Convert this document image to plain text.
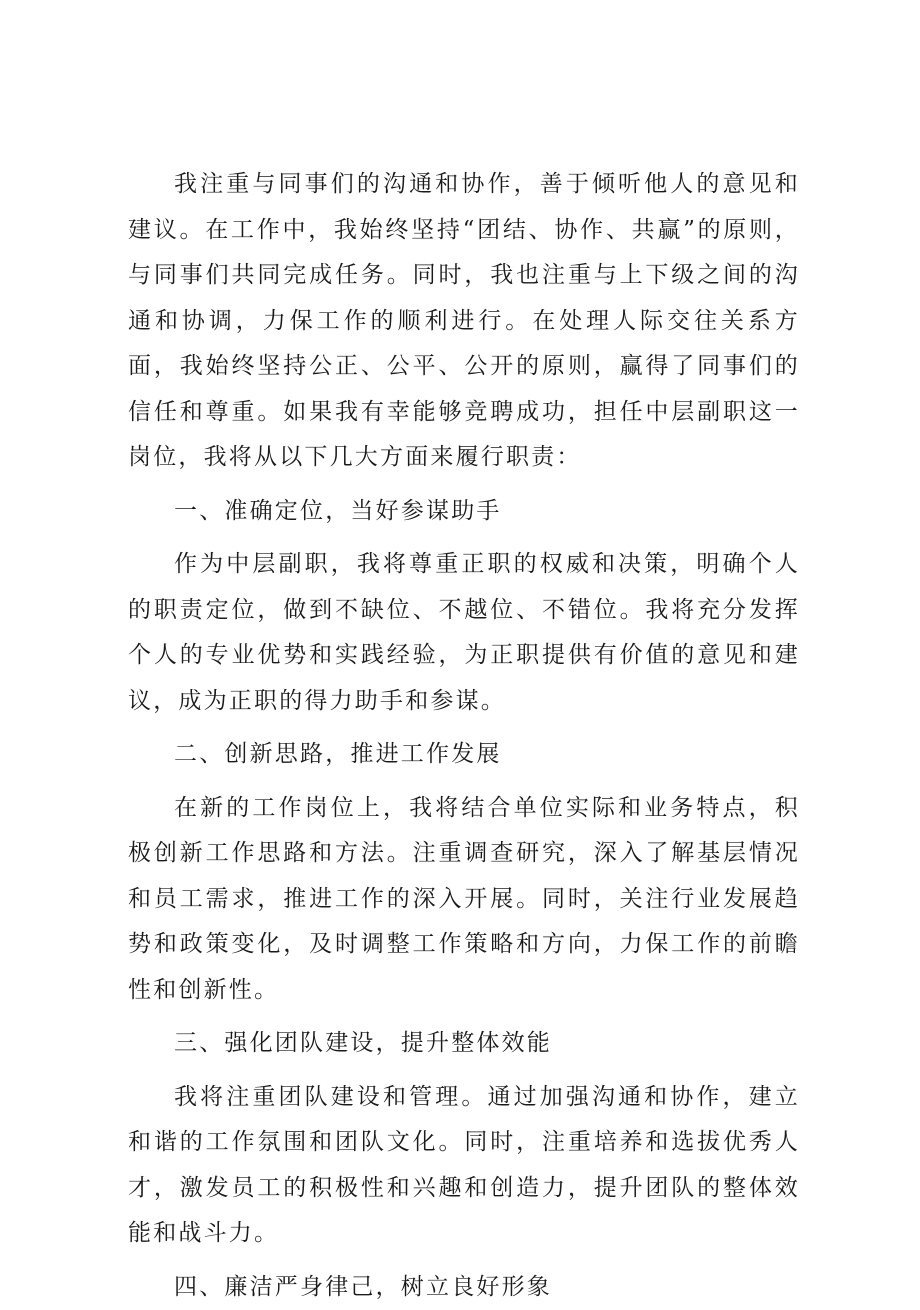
我注重与同事们的沟通和协作，善于倾听他人的意见和建议。在工作中，我始终坚持“团结、协作、共赢”的原则，与同事们共同完成任务。同时，我也注重与上下级之间的沟通和协调，力保工作的顺利进行。在处理人际交往关系方面，我始终坚持公正、公平、公开的原则，赢得了同事们的信任和尊重。如果我有幸能够竞聘成功，担任中层副职这一岗位，我将从以下几大方面来履行职责：

一、准确定位，当好参谋助手

作为中层副职，我将尊重正职的权威和决策，明确个人的职责定位，做到不缺位、不越位、不错位。我将充分发挥个人的专业优势和实践经验，为正职提供有价值的意见和建议，成为正职的得力助手和参谋。

二、创新思路，推进工作发展

在新的工作岗位上，我将结合单位实际和业务特点，积极创新工作思路和方法。注重调查研究，深入了解基层情况和员工需求，推进工作的深入开展。同时，关注行业发展趋势和政策变化，及时调整工作策略和方向，力保工作的前瞻性和创新性。

三、强化团队建设，提升整体效能

我将注重团队建设和管理。通过加强沟通和协作，建立和谐的工作氛围和团队文化。同时，注重培养和选拔优秀人才，激发员工的积极性和兴趣和创造力，提升团队的整体效能和战斗力。

四、廉洁严身律己，树立良好形象
